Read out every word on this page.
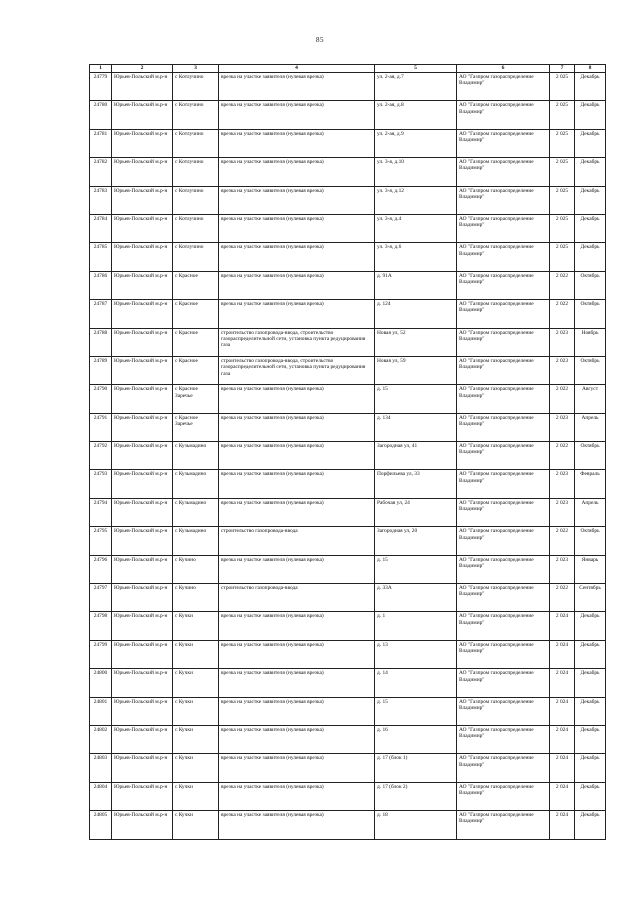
85
1	2	3	4	5	6	7	8
24779	Юрьев-Польский м.р-н	с Котлучино	врезка на участке заявителя (нулевая врезка)	ул. 2-ая, д.7	АО "Газпром газораспределение Владимир"	2 025	Декабрь
24780	Юрьев-Польский м.р-н	с Котлучино	врезка на участке заявителя (нулевая врезка)	ул. 2-ая, д.8	АО "Газпром газораспределение Владимир"	2 025	Декабрь
24781	Юрьев-Польский м.р-н	с Котлучино	врезка на участке заявителя (нулевая врезка)	ул. 2-ая, д.9	АО "Газпром газораспределение Владимир"	2 025	Декабрь
24782	Юрьев-Польский м.р-н	с Котлучино	врезка на участке заявителя (нулевая врезка)	ул. 3-я, д.10	АО "Газпром газораспределение Владимир"	2 025	Декабрь
24783	Юрьев-Польский м.р-н	с Котлучино	врезка на участке заявителя (нулевая врезка)	ул. 3-я, д.12	АО "Газпром газораспределение Владимир"	2 025	Декабрь
24784	Юрьев-Польский м.р-н	с Котлучино	врезка на участке заявителя (нулевая врезка)	ул. 3-я, д.4	АО "Газпром газораспределение Владимир"	2 025	Декабрь
24785	Юрьев-Польский м.р-н	с Котлучино	врезка на участке заявителя (нулевая врезка)	ул. 3-я, д.6	АО "Газпром газораспределение Владимир"	2 025	Декабрь
24786	Юрьев-Польский м.р-н	с Красное	врезка на участке заявителя (нулевая врезка)	д. 91А	АО "Газпром газораспределение Владимир"	2 022	Октябрь
24787	Юрьев-Польский м.р-н	с Красное	врезка на участке заявителя (нулевая врезка)	д. 124	АО "Газпром газораспределение Владимир"	2 022	Октябрь
24788	Юрьев-Польский м.р-н	с Красное	строительство газопровода-ввода, строительство газораспределительной сети, установка пункта редуцирования газа	Новая ул, 52	АО "Газпром газораспределение Владимир"	2 023	Ноябрь
24789	Юрьев-Польский м.р-н	с Красное	строительство газопровода-ввода, строительство газораспределительной сети, установка пункта редуцирования газа	Новая ул, 59	АО "Газпром газораспределение Владимир"	2 023	Октябрь
24790	Юрьев-Польский м.р-н	с Красное Заречье	врезка на участке заявителя (нулевая врезка)	д. 15	АО "Газпром газораспределение Владимир"	2 022	Август
24791	Юрьев-Польский м.р-н	с Красное Заречье	врезка на участке заявителя (нулевая врезка)	д. 134	АО "Газпром газораспределение Владимир"	2 023	Апрель
24792	Юрьев-Польский м.р-н	с Кузьмадино	врезка на участке заявителя (нулевая врезка)	Загородная ул, 41	АО "Газпром газораспределение Владимир"	2 022	Октябрь
24793	Юрьев-Польский м.р-н	с Кузьмадино	врезка на участке заявителя (нулевая врезка)	Порфильева ул, 33	АО "Газпром газораспределение Владимир"	2 023	Февраль
24794	Юрьев-Польский м.р-н	с Кузьмадино	врезка на участке заявителя (нулевая врезка)	Рабочая ул, 24	АО "Газпром газораспределение Владимир"	2 023	Апрель
24795	Юрьев-Польский м.р-н	с Кузьмадино	строительство газопровода-ввода	Загородная ул, 20	АО "Газпром газораспределение Владимир"	2 022	Октябрь
24796	Юрьев-Польский м.р-н	с Кучино	врезка на участке заявителя (нулевая врезка)	д. 15	АО "Газпром газораспределение Владимир"	2 023	Январь
24797	Юрьев-Польский м.р-н	с Кучино	строительство газопровода-ввода	д. 33А	АО "Газпром газораспределение Владимир"	2 022	Сентябрь
24798	Юрьев-Польский м.р-н	с Кучки	врезка на участке заявителя (нулевая врезка)	д. 1	АО "Газпром газораспределение Владимир"	2 024	Декабрь
24799	Юрьев-Польский м.р-н	с Кучки	врезка на участке заявителя (нулевая врезка)	д. 13	АО "Газпром газораспределение Владимир"	2 024	Декабрь
24800	Юрьев-Польский м.р-н	с Кучки	врезка на участке заявителя (нулевая врезка)	д. 14	АО "Газпром газораспределение Владимир"	2 024	Декабрь
24801	Юрьев-Польский м.р-н	с Кучки	врезка на участке заявителя (нулевая врезка)	д. 15	АО "Газпром газораспределение Владимир"	2 024	Декабрь
24802	Юрьев-Польский м.р-н	с Кучки	врезка на участке заявителя (нулевая врезка)	д. 16	АО "Газпром газораспределение Владимир"	2 024	Декабрь
24803	Юрьев-Польский м.р-н	с Кучки	врезка на участке заявителя (нулевая врезка)	д. 17 (блок 1)	АО "Газпром газораспределение Владимир"	2 024	Декабрь
24804	Юрьев-Польский м.р-н	с Кучки	врезка на участке заявителя (нулевая врезка)	д. 17 (блок 2)	АО "Газпром газораспределение Владимир"	2 024	Декабрь
24805	Юрьев-Польский м.р-н	с Кучки	врезка на участке заявителя (нулевая врезка)	д. 18	АО "Газпром газораспределение Владимир"	2 024	Декабрь
